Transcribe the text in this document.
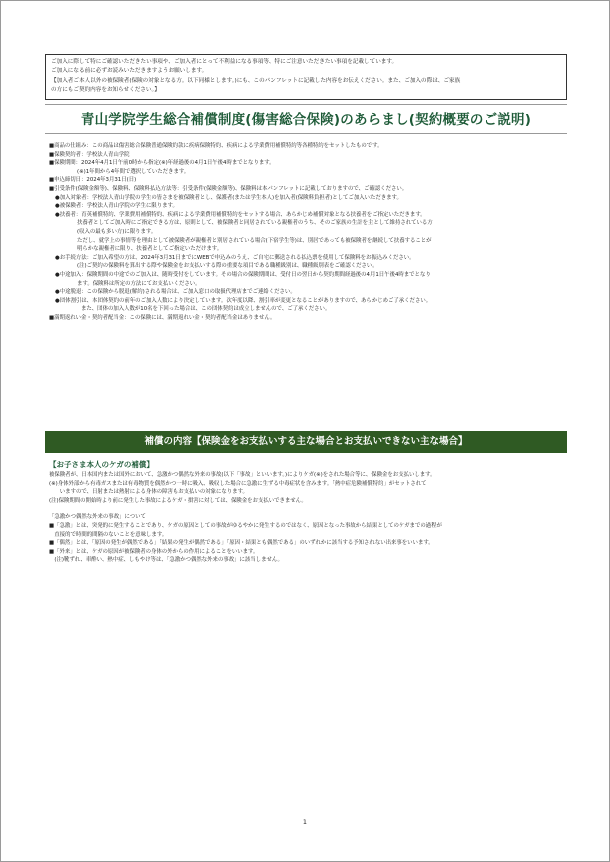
ご加入に際して特にご確認いただきたい事項や、ご加入者にとって不利益になる事項等、特にご注意いただきたい事項を記載しています。
ご加入になる前に必ずお読みいただきますようお願いします。
【加入者ご本人以外の被保険者(保険の対象となる方。以下同様とします。)にも、このパンフレットに記載した内容をお伝えください。また、ご加入の際は、ご家族
の方にもご契約内容をお知らせください。】
青山学院学生総合補償制度(傷害総合保険)のあらまし(契約概要のご説明)
■商品の仕組み：この商品は傷害総合保険普通保険約款に疾病保険特約、疾病による学業費用補償特約等各種特約をセットしたものです。
■保険契約者：学校法人青山学院
■保険期間：2024年4月1日午前0時から指定(※)年経過後の4月1日午後4時までとなります。
(※)1年間から4年間で選択していただきます。
■申込締切日：2024年3月31日(日)
■引受条件(保険金額等)、保険料、保険料払込方法等：引受条件(保険金額等)、保険料は本パンフレットに記載しておりますので、ご確認ください。
●加入対象者：学校法人青山学院の学生の皆さまを被保険者とし、保護者(または学生本人)を加入者(保険料負担者)としてご加入いただきます。
●被保険者：学校法人青山学院の学生に限ります。
●扶養者：育英補償特約、学業費用補償特約、疾病による学業費用補償特約をセットする場合、あらかじめ補償対象となる扶養者をご指定いただきます。
扶養者としてご加入時にご指定できる方は、原則として、被保険者と同居されている親権者のうち、そのご家族の生計を主として維持されている方
(収入の最も多い方)に限ります。
ただし、就学上の事情等を理由として被保険者が親権者と別居されている場合(下宿学生等)は、別居であっても被保険者を継続して扶養することが
明らかな親権者に限り、扶養者としてご指定いただけます。
●お手続方法：ご加入希望の方は、2024年3月31日までにWEBで申込みのうえ、ご自宅に郵送される払込票を使用して保険料をお振込みください。
(注)ご契約の保険料を算出する際や保険金をお支払いする際の重要な項目である職種級別は、職種級別表をご確認ください。
●中途加入：保険期間の中途でのご加入は、随時受付をしています。その場合の保険期間は、受付日の翌日から契約期間経過後の4月1日午後4時までとなり
ます。保険料は所定の方法にてお支払いください。
●中途脱退：この保険から脱退(解約)される場合は、ご加入窓口の取扱代理店までご連絡ください。
●団体割引は、本団体契約の前年のご加入人数により決定しています。次年度以降、割引率が変更となることがありますので、あらかじめご了承ください。
また、団体の加入人数が10名を下回った場合は、この団体契約は成立しませんので、ご了承ください。
■満期返れい金・契約者配当金：この保険には、満期返れい金・契約者配当金はありません。
補償の内容【保険金をお支払いする主な場合とお支払いできない主な場合】
【お子さま本人のケガの補償】
被保険者が、日本国内または国外において、急激かつ偶然な外来の事故(以下「事故」といいます。)によりケガ(※)をされた場合等に、保険金をお支払いします。
(※)身体外部から有毒ガスまたは有毒物質を偶然かつ一時に吸入、吸収した場合に急激に生ずる中毒症状を含みます。「熱中症危険補償特約」がセットされて
　　いますので、日射または熱射による身体の障害もお支払いの対象になります。
(注)保険期間の開始時より前に発生した事故によるケガ・損害に対しては、保険金をお支払いできません。
「急激かつ偶然な外来の事故」について
■「急激」とは、突発的に発生することであり、ケガの原因としての事故がゆるやかに発生するのではなく、原因となった事故から結果としてのケガまでの過程が
　直接的で時間的間隔のないことを意味します。
■「偶然」とは、「原因の発生が偶然である」「結果の発生が偶然である」「原因・結果とも偶然である」のいずれかに該当する予知されない出来事をいいます。
■「外来」とは、ケガの原因が被保険者の身体の外からの作用によることをいいます。
　(注)靴ずれ、車酔い、熱中症、しもやけ等は、「急激かつ偶然な外来の事故」に該当しません。
1
